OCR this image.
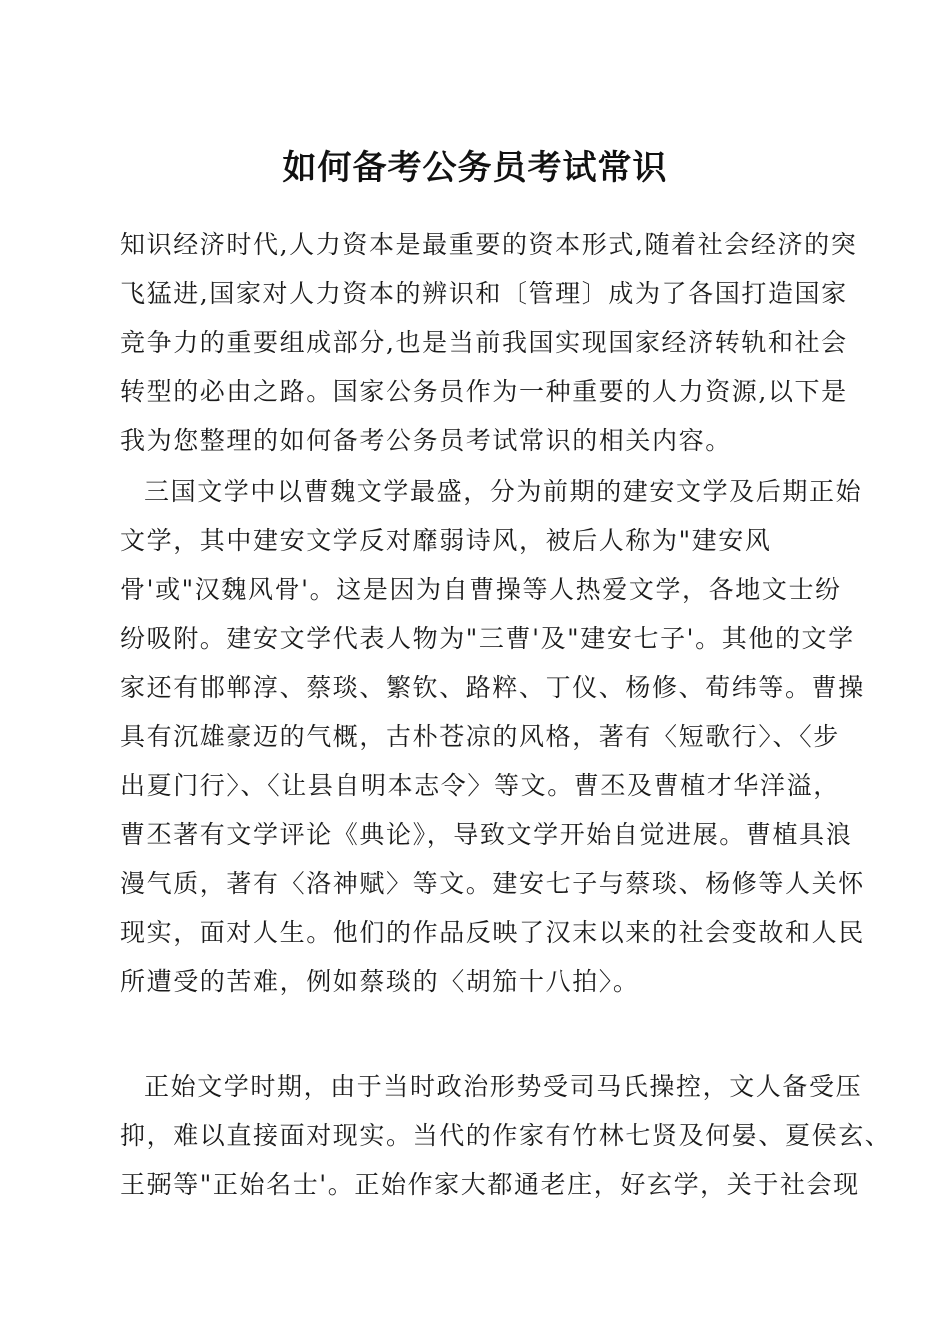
如何备考公务员考试常识
知识经济时代,人力资本是最重要的资本形式,随着社会经济的突
飞猛进,国家对人力资本的辨识和〔管理〕成为了各国打造国家
竞争力的重要组成部分,也是当前我国实现国家经济转轨和社会
转型的必由之路。国家公务员作为一种重要的人力资源,以下是
我为您整理的如何备考公务员考试常识的相关内容。
三国文学中以曹魏文学最盛，分为前期的建安文学及后期正始
文学，其中建安文学反对靡弱诗风，被后人称为"建安风
骨'或"汉魏风骨'。这是因为自曹操等人热爱文学，各地文士纷
纷吸附。建安文学代表人物为"三曹'及"建安七子'。其他的文学
家还有邯郸淳、蔡琰、繁钦、路粹、丁仪、杨修、荀纬等。曹操
具有沉雄豪迈的气概，古朴苍凉的风格，著有〈短歌行〉、〈步
出夏门行〉、〈让县自明本志令〉等文。曹丕及曹植才华洋溢，
曹丕著有文学评论《典论》，导致文学开始自觉进展。曹植具浪
漫气质，著有〈洛神赋〉等文。建安七子与蔡琰、杨修等人关怀
现实，面对人生。他们的作品反映了汉末以来的社会变故和人民
所遭受的苦难，例如蔡琰的〈胡笳十八拍〉。
正始文学时期，由于当时政治形势受司马氏操控，文人备受压
抑，难以直接面对现实。当代的作家有竹林七贤及何晏、夏侯玄、
王弼等"正始名士'。正始作家大都通老庄，好玄学，关于社会现
